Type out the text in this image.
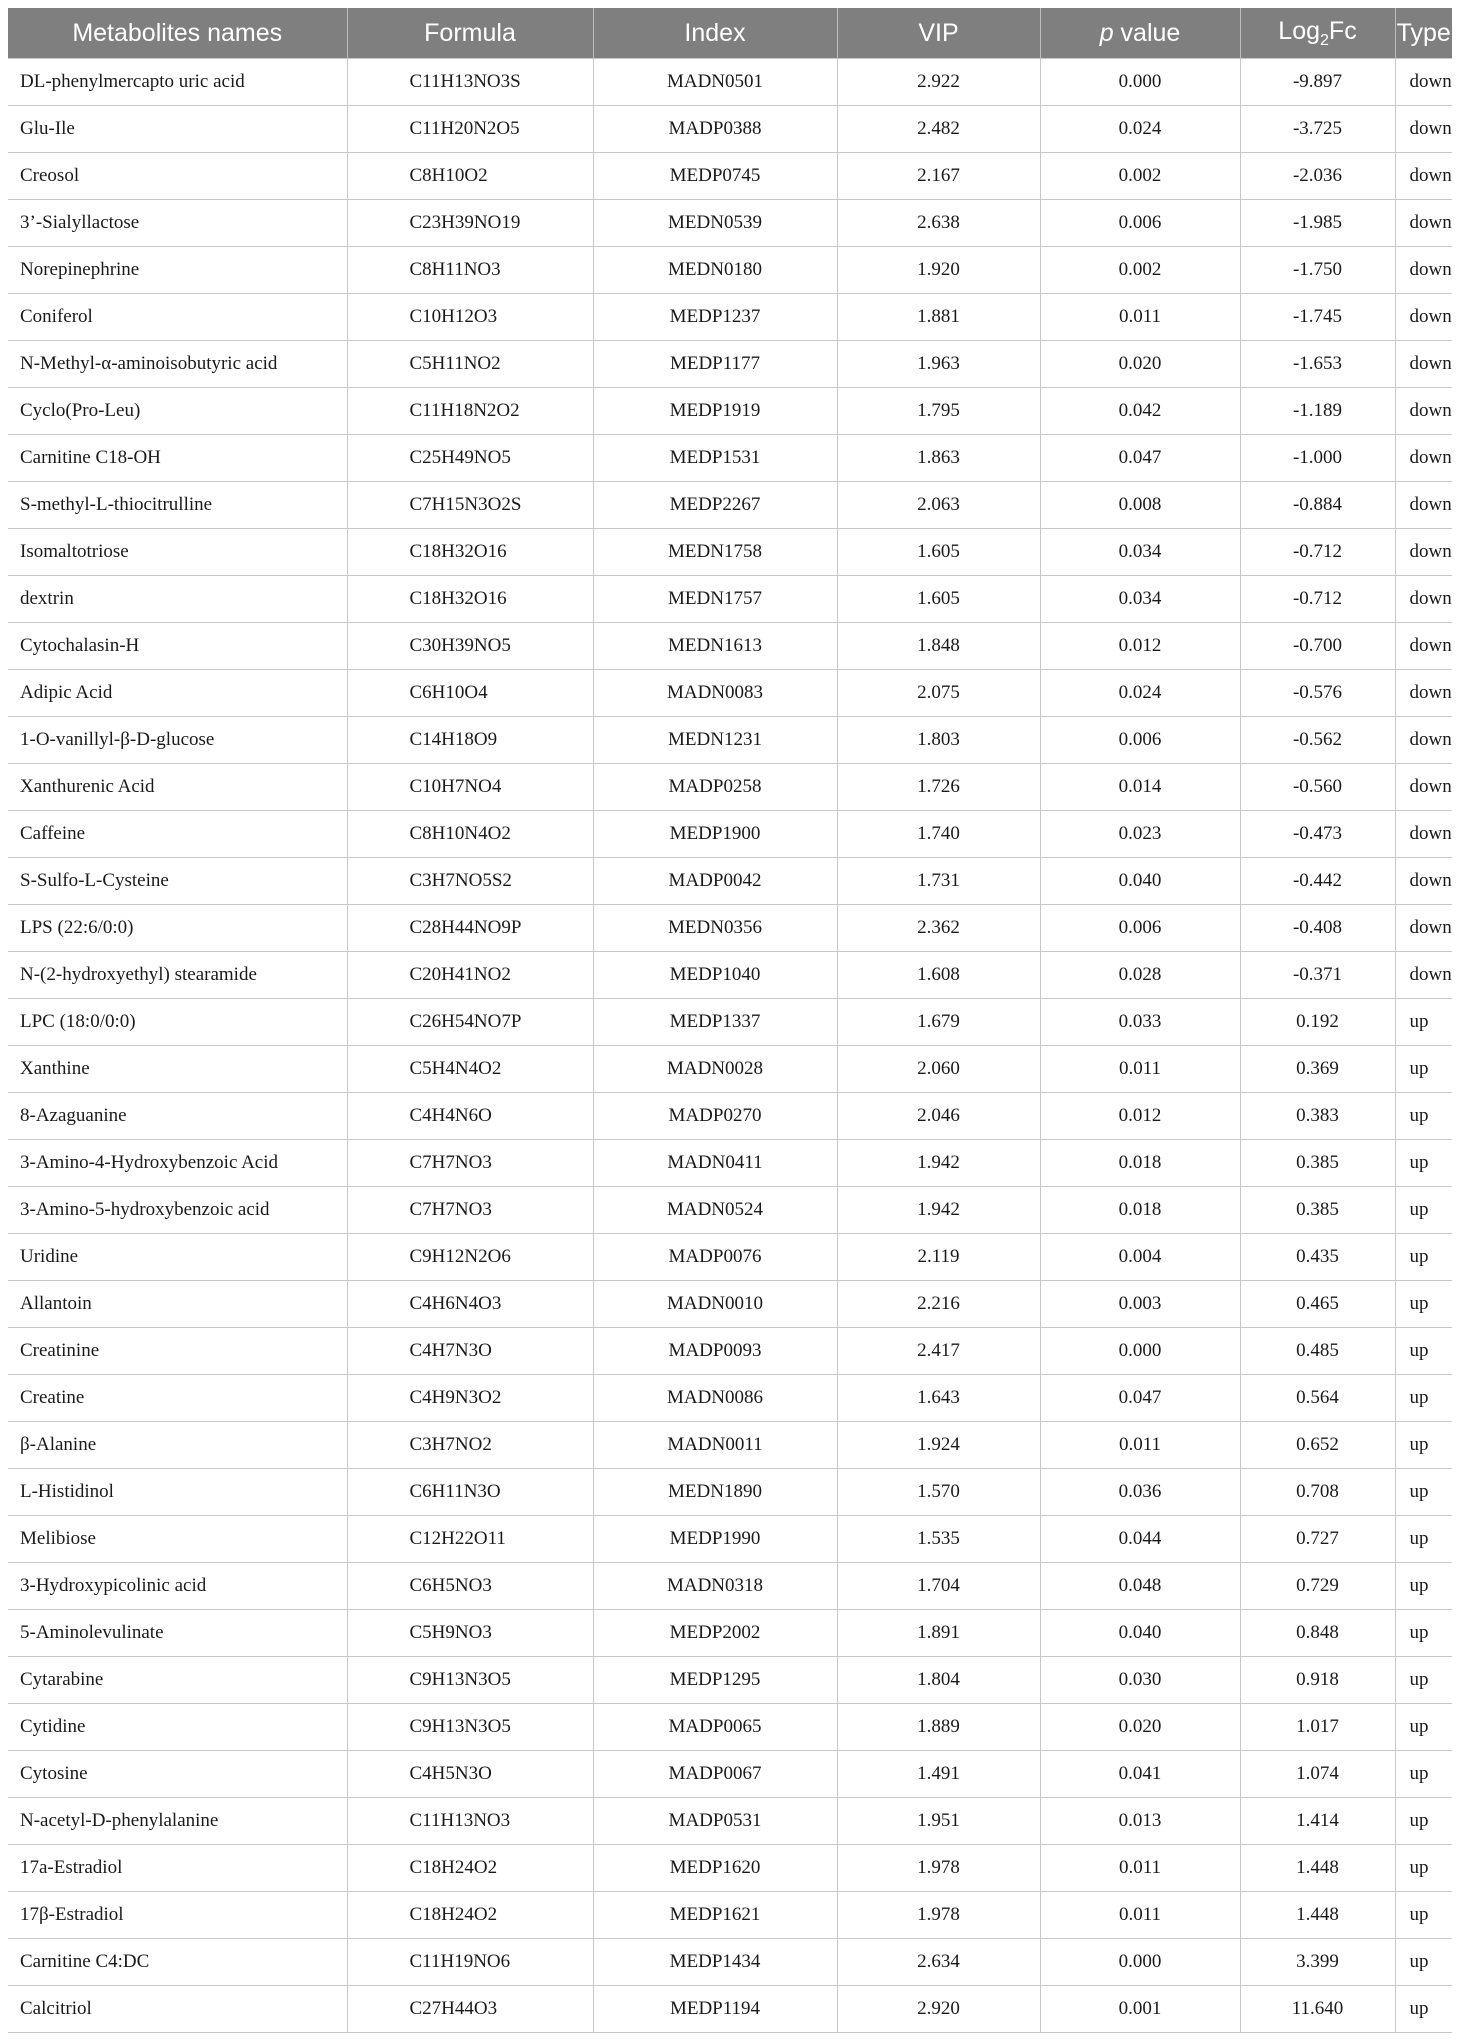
Metabolites names	Formula	Index	VIP	p value	Log$_2$Fc	Type
DL-phenylmercapto uric acid	C11H13NO3S	MADN0501	2.922	0.000	-9.897	down
Glu-Ile	C11H20N2O5	MADP0388	2.482	0.024	-3.725	down
Creosol	C8H10O2	MEDP0745	2.167	0.002	-2.036	down
3’-Sialyllactose	C23H39NO19	MEDN0539	2.638	0.006	-1.985	down
Norepinephrine	C8H11NO3	MEDN0180	1.920	0.002	-1.750	down
Coniferol	C10H12O3	MEDP1237	1.881	0.011	-1.745	down
N-Methyl-α-aminoisobutyric acid	C5H11NO2	MEDP1177	1.963	0.020	-1.653	down
Cyclo(Pro-Leu)	C11H18N2O2	MEDP1919	1.795	0.042	-1.189	down
Carnitine C18-OH	C25H49NO5	MEDP1531	1.863	0.047	-1.000	down
S-methyl-L-thiocitrulline	C7H15N3O2S	MEDP2267	2.063	0.008	-0.884	down
Isomaltotriose	C18H32O16	MEDN1758	1.605	0.034	-0.712	down
dextrin	C18H32O16	MEDN1757	1.605	0.034	-0.712	down
Cytochalasin-H	C30H39NO5	MEDN1613	1.848	0.012	-0.700	down
Adipic Acid	C6H10O4	MADN0083	2.075	0.024	-0.576	down
1-O-vanillyl-β-D-glucose	C14H18O9	MEDN1231	1.803	0.006	-0.562	down
Xanthurenic Acid	C10H7NO4	MADP0258	1.726	0.014	-0.560	down
Caffeine	C8H10N4O2	MEDP1900	1.740	0.023	-0.473	down
S-Sulfo-L-Cysteine	C3H7NO5S2	MADP0042	1.731	0.040	-0.442	down
LPS (22:6/0:0)	C28H44NO9P	MEDN0356	2.362	0.006	-0.408	down
N-(2-hydroxyethyl) stearamide	C20H41NO2	MEDP1040	1.608	0.028	-0.371	down
LPC (18:0/0:0)	C26H54NO7P	MEDP1337	1.679	0.033	0.192	up
Xanthine	C5H4N4O2	MADN0028	2.060	0.011	0.369	up
8-Azaguanine	C4H4N6O	MADP0270	2.046	0.012	0.383	up
3-Amino-4-Hydroxybenzoic Acid	C7H7NO3	MADN0411	1.942	0.018	0.385	up
3-Amino-5-hydroxybenzoic acid	C7H7NO3	MADN0524	1.942	0.018	0.385	up
Uridine	C9H12N2O6	MADP0076	2.119	0.004	0.435	up
Allantoin	C4H6N4O3	MADN0010	2.216	0.003	0.465	up
Creatinine	C4H7N3O	MADP0093	2.417	0.000	0.485	up
Creatine	C4H9N3O2	MADN0086	1.643	0.047	0.564	up
β-Alanine	C3H7NO2	MADN0011	1.924	0.011	0.652	up
L-Histidinol	C6H11N3O	MEDN1890	1.570	0.036	0.708	up
Melibiose	C12H22O11	MEDP1990	1.535	0.044	0.727	up
3-Hydroxypicolinic acid	C6H5NO3	MADN0318	1.704	0.048	0.729	up
5-Aminolevulinate	C5H9NO3	MEDP2002	1.891	0.040	0.848	up
Cytarabine	C9H13N3O5	MEDP1295	1.804	0.030	0.918	up
Cytidine	C9H13N3O5	MADP0065	1.889	0.020	1.017	up
Cytosine	C4H5N3O	MADP0067	1.491	0.041	1.074	up
N-acetyl-D-phenylalanine	C11H13NO3	MADP0531	1.951	0.013	1.414	up
17a-Estradiol	C18H24O2	MEDP1620	1.978	0.011	1.448	up
17β-Estradiol	C18H24O2	MEDP1621	1.978	0.011	1.448	up
Carnitine C4:DC	C11H19NO6	MEDP1434	2.634	0.000	3.399	up
Calcitriol	C27H44O3	MEDP1194	2.920	0.001	11.640	up
